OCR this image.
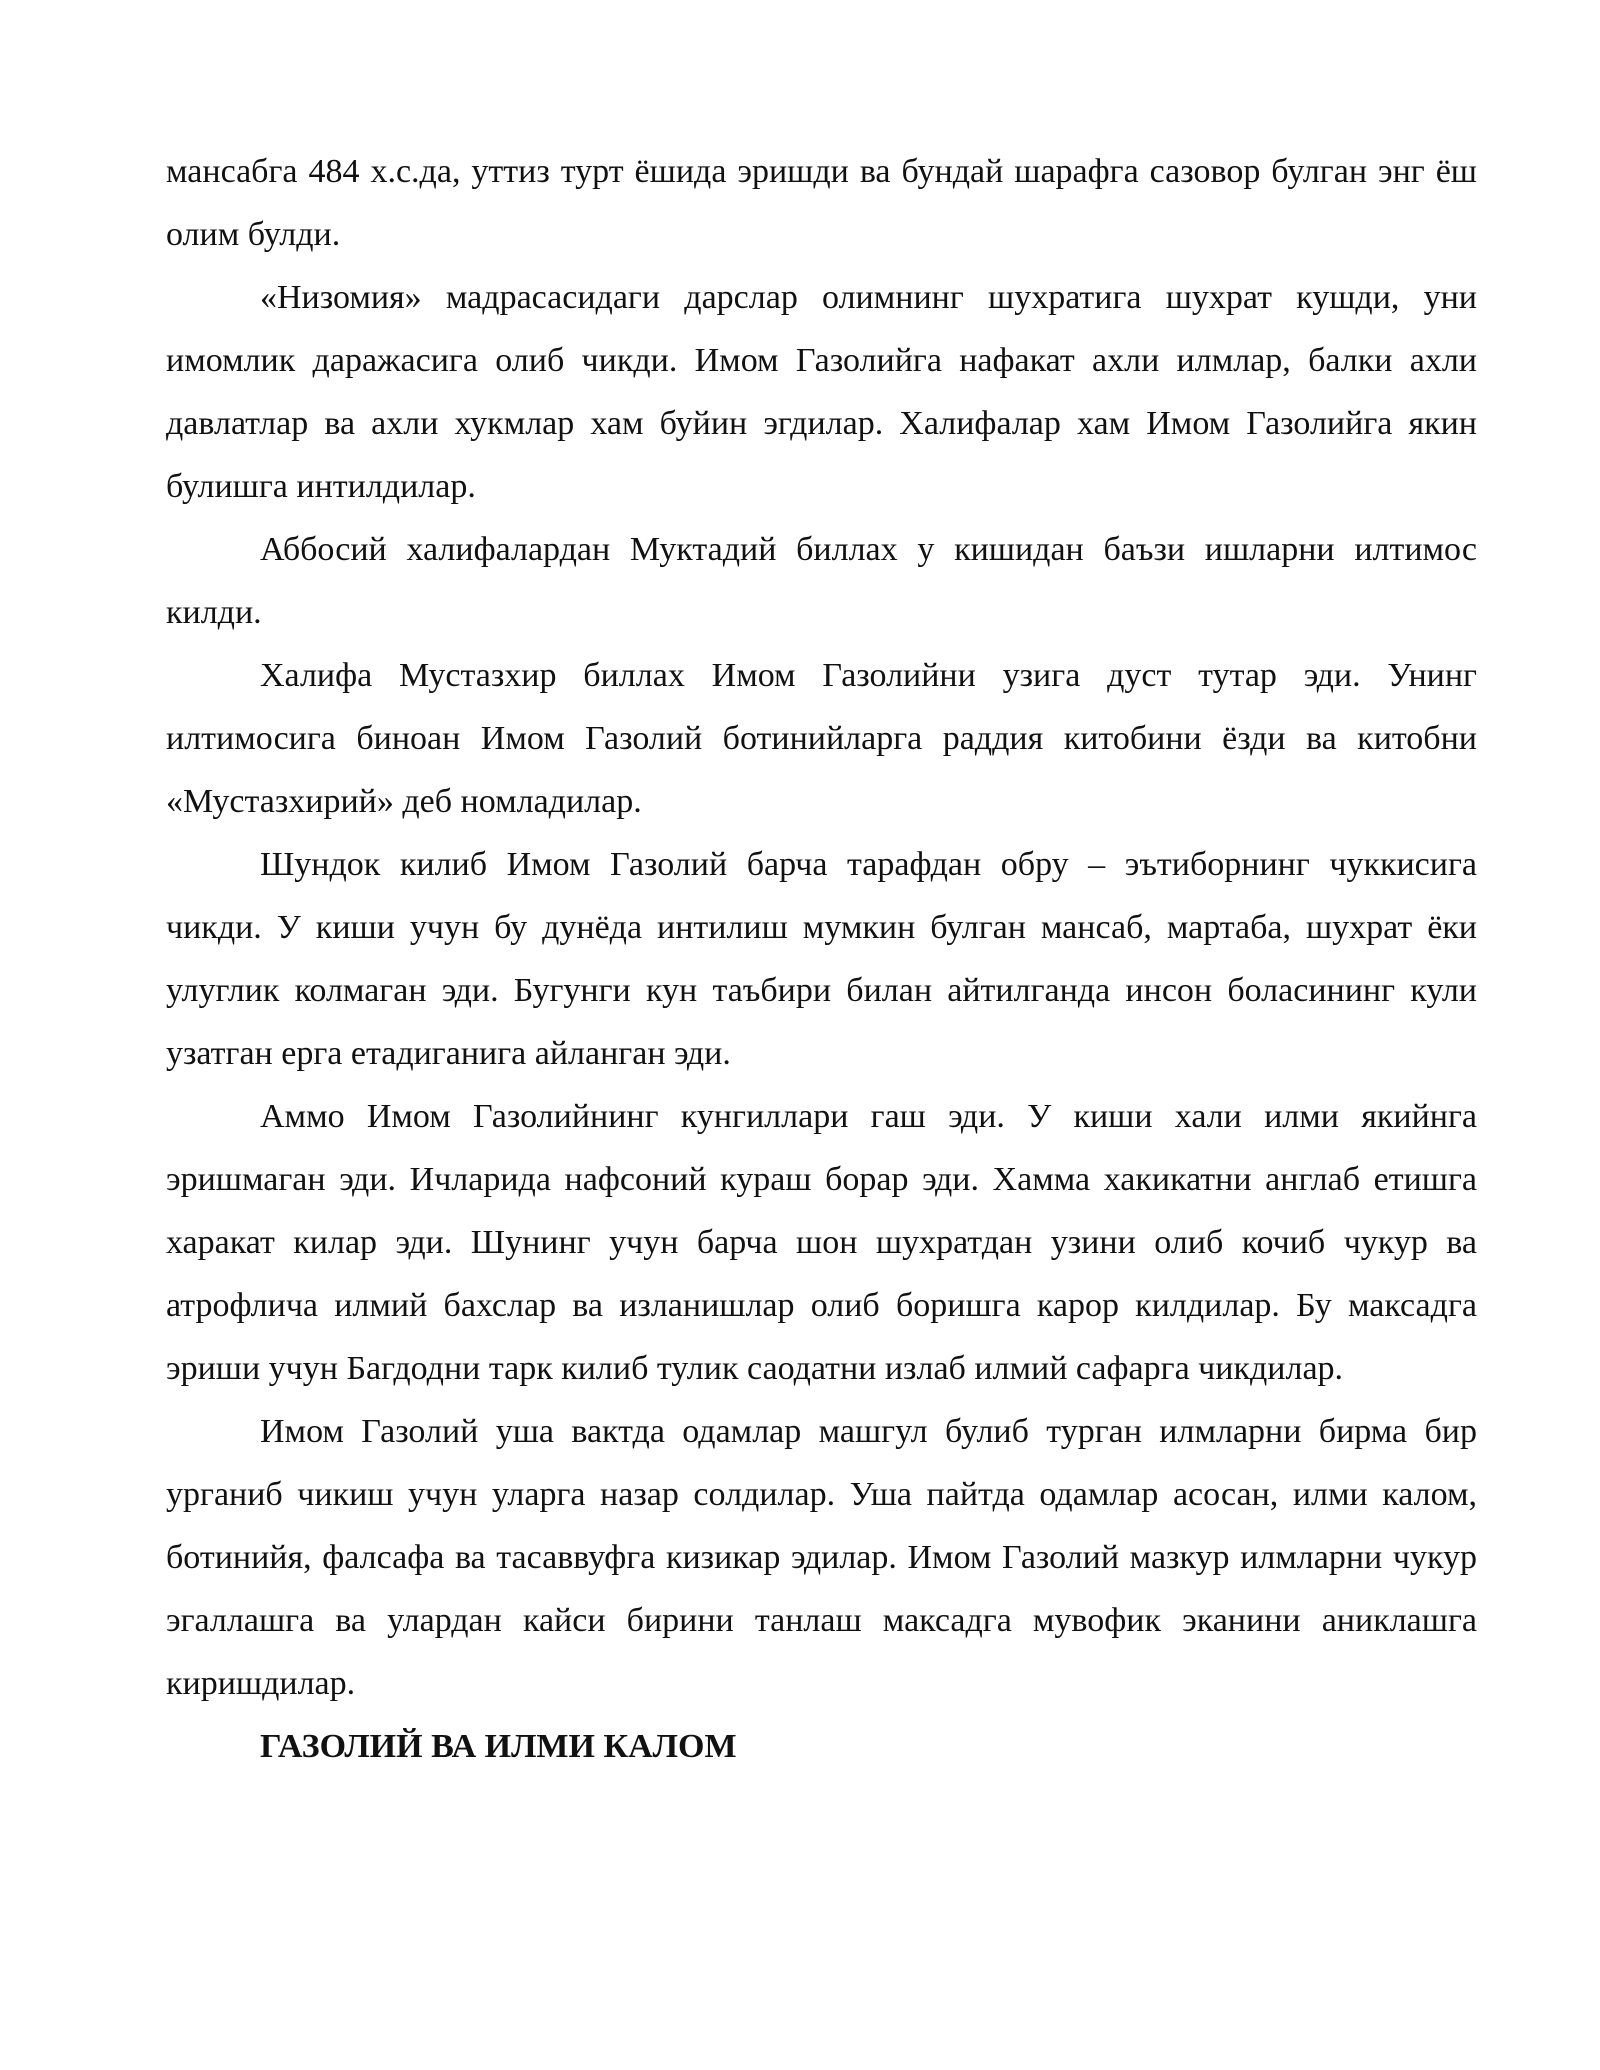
мансабга 484 х.с.да, уттиз турт ёшида эришди ва бундай шарафга сазовор булган энг ёш олим булди.

«Низомия» мадрасасидаги дарслар олимнинг шухратига шухрат кушди, уни имомлик даражасига олиб чикди. Имом Газолийга нафакат ахли илмлар, балки ахли давлатлар ва ахли хукмлар хам буйин эгдилар. Халифалар хам Имом Газолийга якин булишга интилдилар.

Аббосий халифалардан Муктадий биллах у кишидан баъзи ишларни илтимос килди.

Халифа Мустазхир биллах Имом Газолийни узига дуст тутар эди. Унинг илтимосига биноан Имом Газолий ботинийларга раддия китобини ёзди ва китобни «Мустазхирий» деб номладилар.

Шундок килиб Имом Газолий барча тарафдан обру – эътиборнинг чуккисига чикди. У киши учун бу дунёда интилиш мумкин булган мансаб, мартаба, шухрат ёки улуглик колмаган эди. Бугунги кун таъбири билан айтилганда инсон боласининг кули узатган ерга етадиганига айланган эди.

Аммо Имом Газолийнинг кунгиллари гаш эди. У киши хали илми якийнга эришмаган эди. Ичларида нафсоний кураш борар эди. Хамма хакикатни англаб етишга харакат килар эди. Шунинг учун барча шон шухратдан узини олиб кочиб чукур ва атрофлича илмий бахслар ва изланишлар олиб боришга карор килдилар. Бу максадга эриши учун Багдодни тарк килиб тулик саодатни излаб илмий сафарга чикдилар.

Имом Газолий уша вактда одамлар машгул булиб турган илмларни бирма бир урганиб чикиш учун уларга назар солдилар. Уша пайтда одамлар асосан, илми калом, ботинийя, фалсафа ва тасаввуфга кизикар эдилар. Имом Газолий мазкур илмларни чукур эгаллашга ва улардан кайси бирини танлаш максадга мувофик эканини аниклашга киришдилар.

ГАЗОЛИЙ ВА ИЛМИ КАЛОМ
